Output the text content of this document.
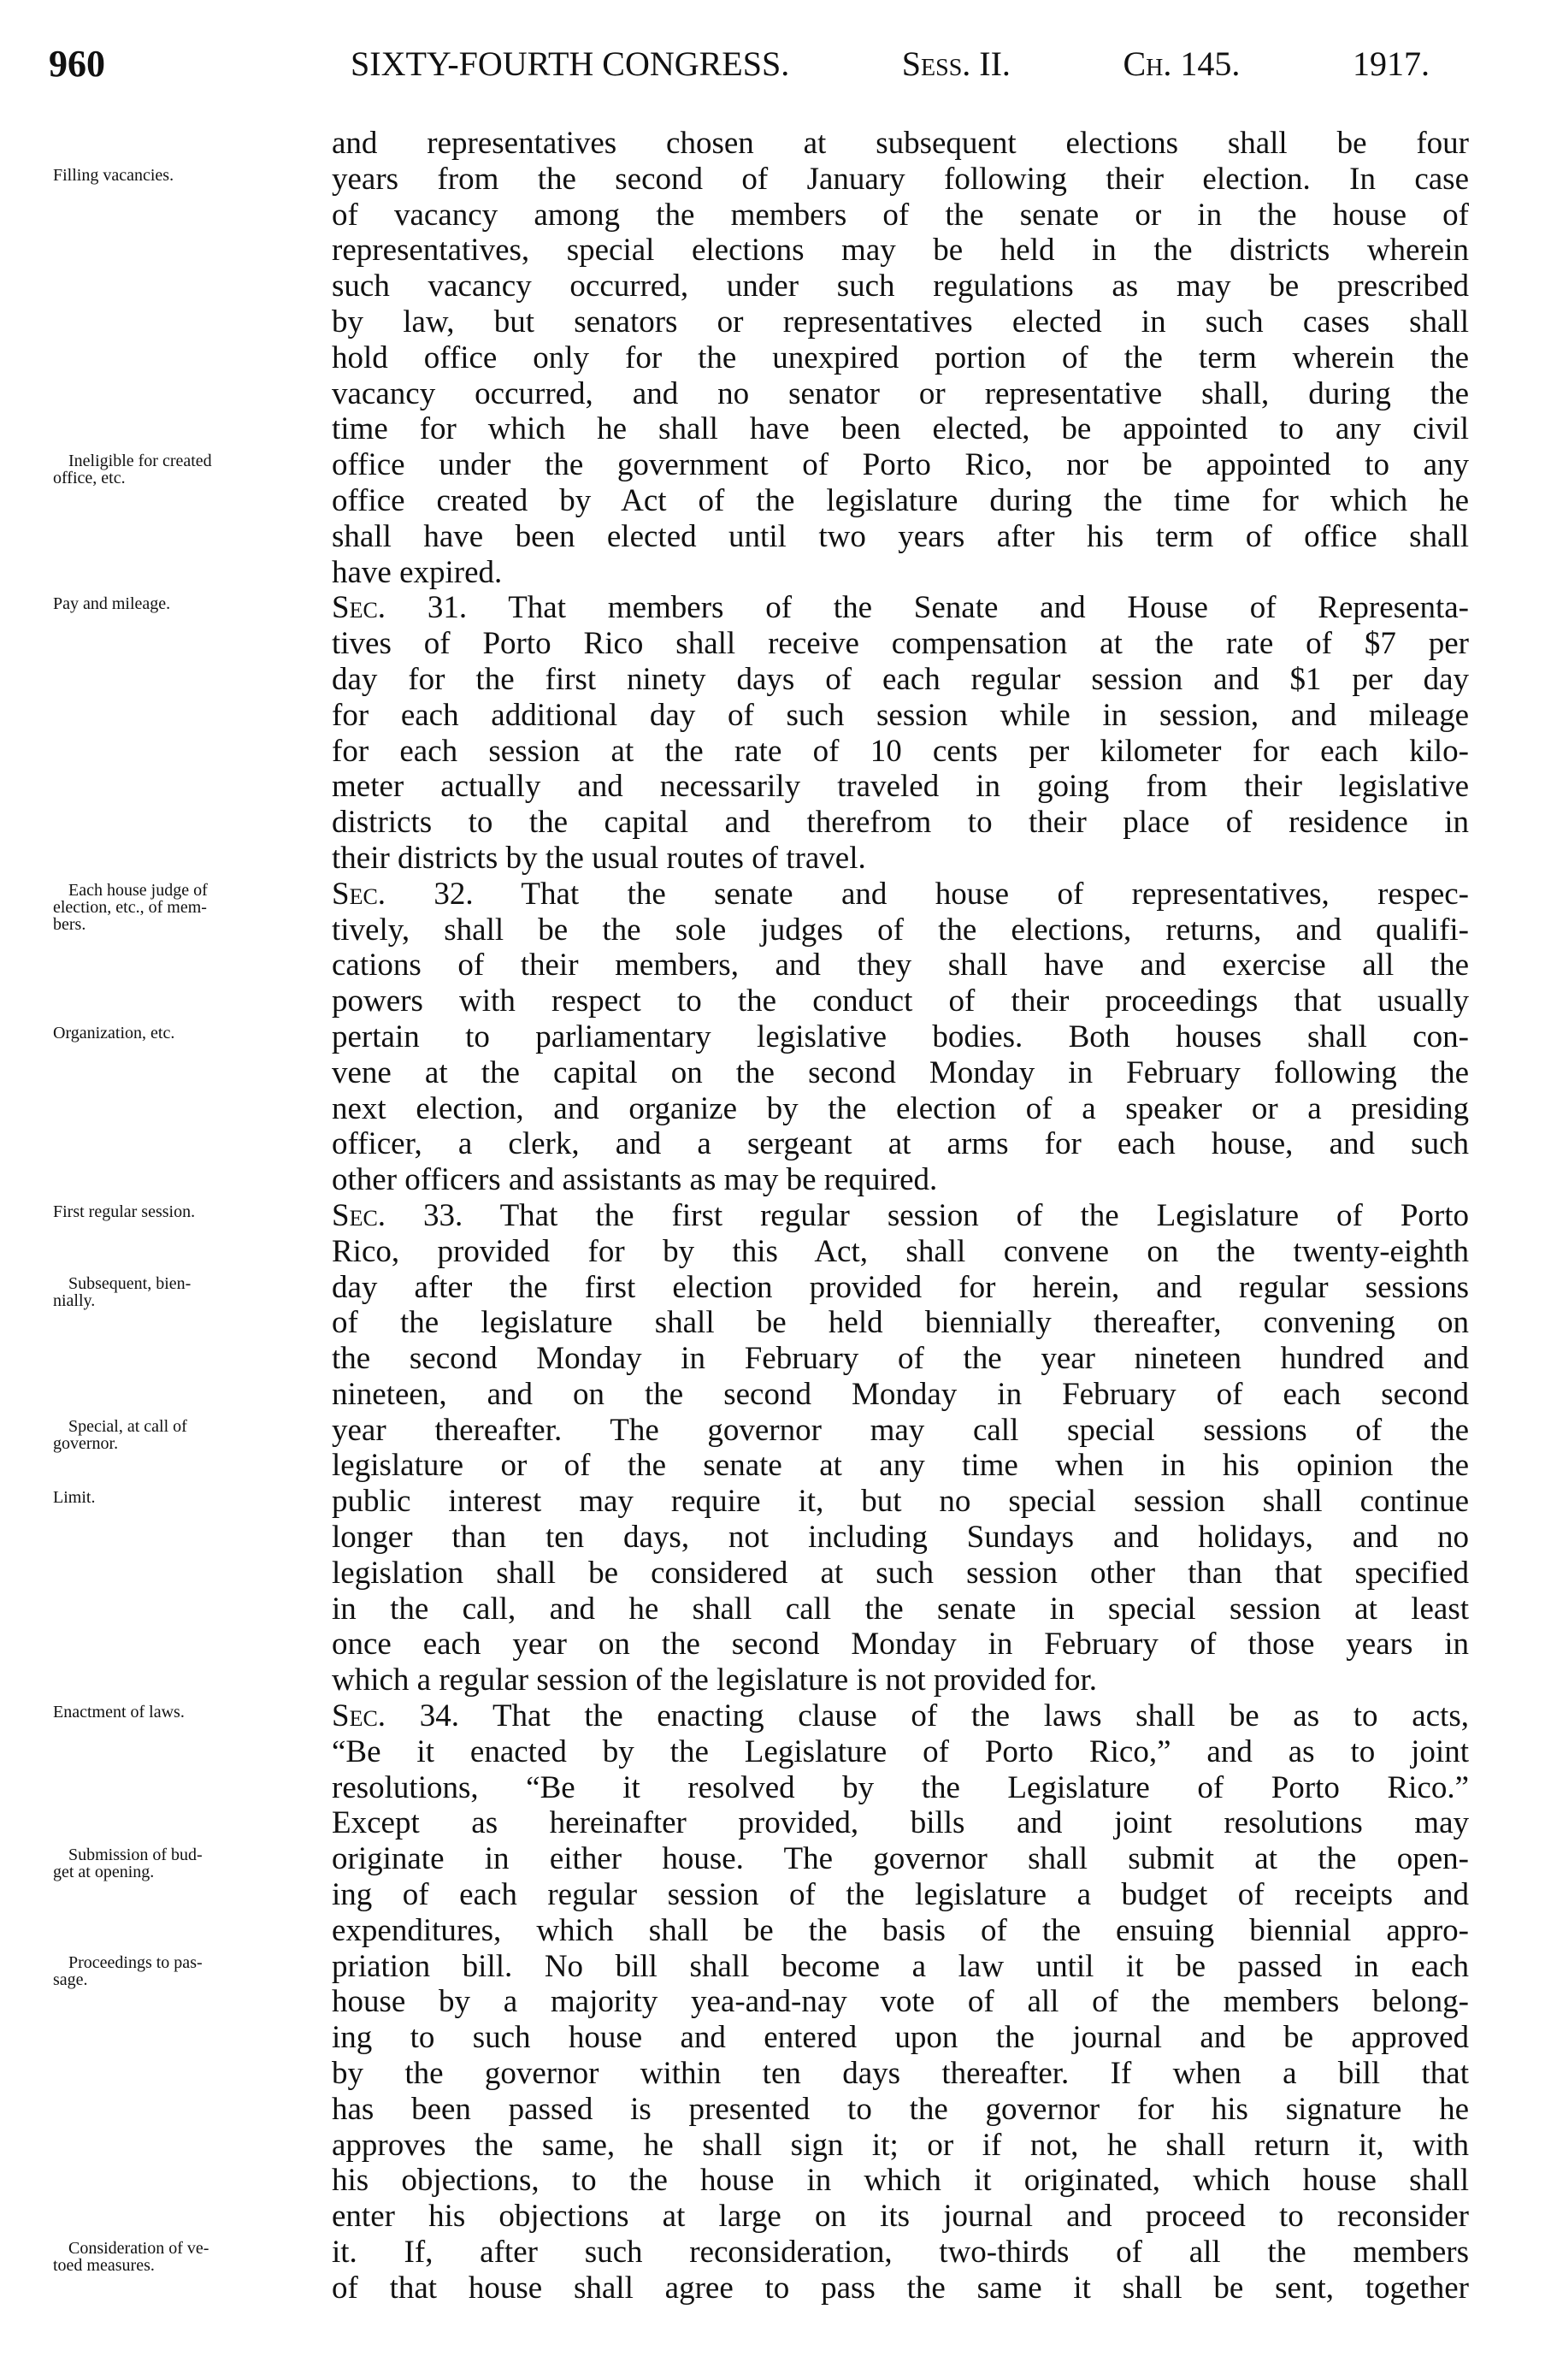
960	SIXTY-FOURTH CONGRESS.	Sess. II.	Ch. 145.	1917.
and representatives chosen at subsequent elections shall be four
years from the second of January following their election. In case
Filling vacancies.
of vacancy among the members of the senate or in the house of
representatives, special elections may be held in the districts wherein
such vacancy occurred, under such regulations as may be prescribed
by law, but senators or representatives elected in such cases shall
hold office only for the unexpired portion of the term wherein the
vacancy occurred, and no senator or representative shall, during the
time for which he shall have been elected, be appointed to any civil
office under the government of Porto Rico, nor be appointed to any
Ineligible for created
office, etc.
office created by Act of the legislature during the time for which he
shall have been elected until two years after his term of office shall
have expired.
Sec. 31. That members of the Senate and House of Representa-
Pay and mileage.
tives of Porto Rico shall receive compensation at the rate of $7 per
day for the first ninety days of each regular session and $1 per day
for each additional day of such session while in session, and mileage
for each session at the rate of 10 cents per kilometer for each kilo-
meter actually and necessarily traveled in going from their legislative
districts to the capital and therefrom to their place of residence in
their districts by the usual routes of travel.
Sec. 32. That the senate and house of representatives, respec-
Each house judge of
election, etc., of mem-
bers.	tively, shall be the sole judges of the elections, returns, and qualifi-
cations of their members, and they shall have and exercise all the
powers with respect to the conduct of their proceedings that usually
pertain to parliamentary legislative bodies. Both houses shall con-
Organization, etc.
vene at the capital on the second Monday in February following the
next election, and organize by the election of a speaker or a presiding
officer, a clerk, and a sergeant at arms for each house, and such
other officers and assistants as may be required.
Sec. 33. That the first regular session of the Legislature of Porto
First regular session.
Rico, provided for by this Act, shall convene on the twenty-eighth
day after the first election provided for herein, and regular sessions
Subsequent, bien-
nially.
of the legislature shall be held biennially thereafter, convening on
the second Monday in February of the year nineteen hundred and
nineteen, and on the second Monday in February of each second
year thereafter. The governor may call special sessions of the
Special, at call of
governor.
legislature or of the senate at any time when in his opinion the
public interest may require it, but no special session shall continue
Limit.
longer than ten days, not including Sundays and holidays, and no
legislation shall be considered at such session other than that specified
in the call, and he shall call the senate in special session at least
once each year on the second Monday in February of those years in
which a regular session of the legislature is not provided for.
Sec. 34. That the enacting clause of the laws shall be as to acts,
Enactment of laws.
“Be it enacted by the Legislature of Porto Rico,” and as to joint
resolutions, “Be it resolved by the Legislature of Porto Rico.”
Except as hereinafter provided, bills and joint resolutions may
originate in either house. The governor shall submit at the open-
Submission of bud-
get at opening.
ing of each regular session of the legislature a budget of receipts and
expenditures, which shall be the basis of the ensuing biennial appro-
priation bill. No bill shall become a law until it be passed in each
Proceedings to pas-
sage.
house by a majority yea-and-nay vote of all of the members belong-
ing to such house and entered upon the journal and be approved
by the governor within ten days thereafter. If when a bill that
has been passed is presented to the governor for his signature he
approves the same, he shall sign it; or if not, he shall return it, with
his objections, to the house in which it originated, which house shall
enter his objections at large on its journal and proceed to reconsider
it. If, after such reconsideration, two-thirds of all the members
Consideration of ve-
toed measures.
of that house shall agree to pass the same it shall be sent, together
